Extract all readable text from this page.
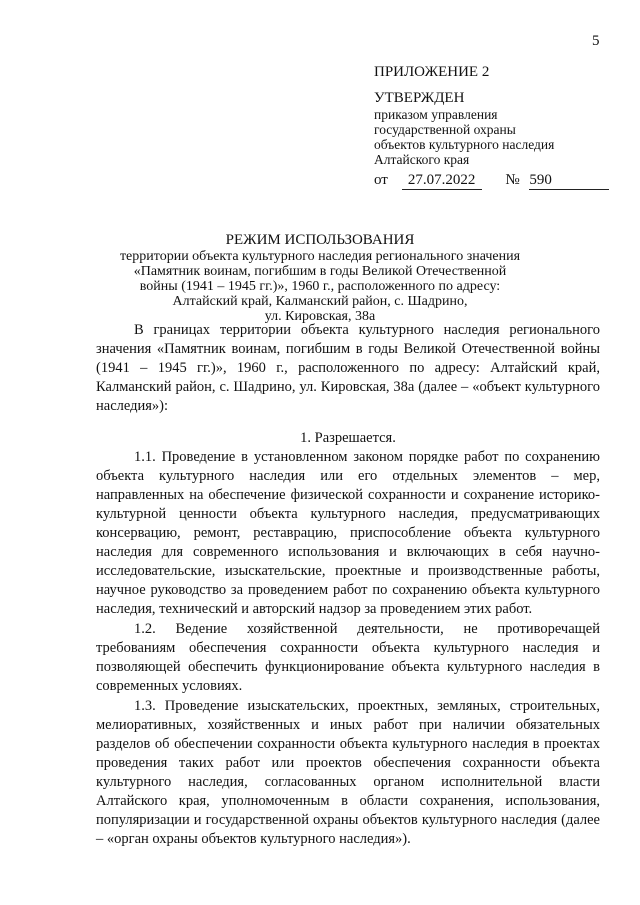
5
ПРИЛОЖЕНИЕ 2
УТВЕРЖДЕН
приказом управления
государственной охраны
объектов культурного наследия
Алтайского края
от 27.07.2022 № 590
РЕЖИМ ИСПОЛЬЗОВАНИЯ
территории объекта культурного наследия регионального значения
«Памятник воинам, погибшим в годы Великой Отечественной
войны (1941 – 1945 гг.)», 1960 г., расположенного по адресу:
Алтайский край, Калманский район, с. Шадрино,
ул. Кировская, 38а

В границах территории объекта культурного наследия регионального значения «Памятник воинам, погибшим в годы Великой Отечественной войны (1941 – 1945 гг.)», 1960 г., расположенного по адресу: Алтайский край, Калманский район, с. Шадрино, ул. Кировская, 38а (далее – «объект культурного наследия»):

1. Разрешается.

1.1. Проведение в установленном законом порядке работ по сохранению объекта культурного наследия или его отдельных элементов – мер, направленных на обеспечение физической сохранности и сохранение историко-культурной ценности объекта культурного наследия, предусматривающих консервацию, ремонт, реставрацию, приспособление объекта культурного наследия для современного использования и включающих в себя научно-исследовательские, изыскательские, проектные и производственные работы, научное руководство за проведением работ по сохранению объекта культурного наследия, технический и авторский надзор за проведением этих работ.

1.2. Ведение хозяйственной деятельности, не противоречащей требованиям обеспечения сохранности объекта культурного наследия и позволяющей обеспечить функционирование объекта культурного наследия в современных условиях.

1.3. Проведение изыскательских, проектных, земляных, строительных, мелиоративных, хозяйственных и иных работ при наличии обязательных разделов об обеспечении сохранности объекта культурного наследия в проектах проведения таких работ или проектов обеспечения сохранности объекта культурного наследия, согласованных органом исполнительной власти Алтайского края, уполномоченным в области сохранения, использования, популяризации и государственной охраны объектов культурного наследия (далее – «орган охраны объектов культурного наследия»).
